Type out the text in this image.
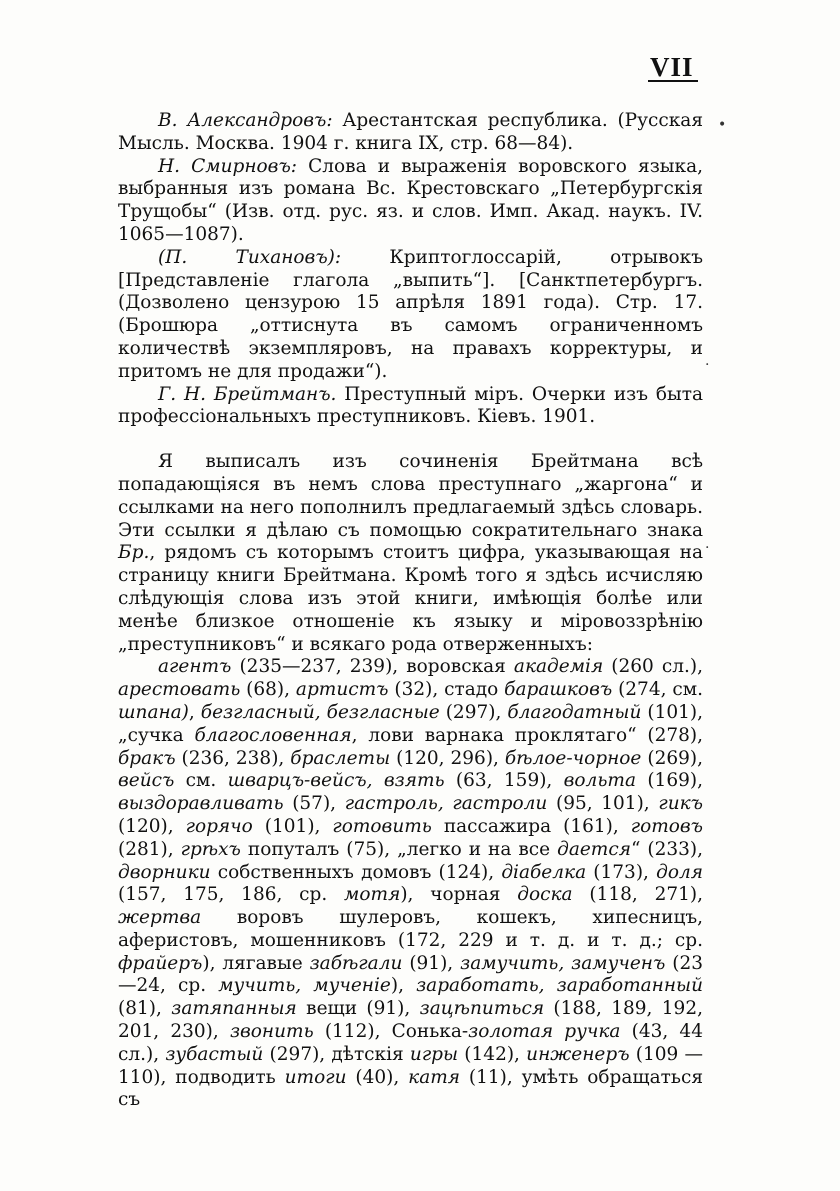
VII
•
.
.

В. Александровъ: Арестантская республика. (Русская Мысль. Москва. 1904 г. книга IX, стр. 68—84).

Н. Смирновъ: Слова и выраженія воровского языка, выбранныя изъ романа Вс. Крестовскаго „Петербургскія Трущобы“ (Изв. отд. рус. яз. и слов. Имп. Акад. наукъ. IV. 1065—1087).

(П. Тихановъ): Криптоглоссарій, отрывокъ [Представленіе глагола „выпить“]. [Санктпетербургъ. (Дозволено цензурою 15 апрѣля 1891 года). Стр. 17. (Брошюра „оттиснута въ самомъ ограниченномъ количествѣ экземпляровъ, на правахъ корректуры, и притомъ не для продажи“).

Г. Н. Брейтманъ. Преступный міръ. Очерки изъ быта профессіональныхъ преступниковъ. Кіевъ. 1901.

Я выписалъ изъ сочиненія Брейтмана всѣ попадающіяся въ немъ слова преступнаго „жаргона“ и ссылками на него пополнилъ предлагаемый здѣсь словарь. Эти ссылки я дѣлаю съ помощью сократительнаго знака Бр., рядомъ съ которымъ стоитъ цифра, указывающая на страницу книги Брейтмана. Кромѣ того я здѣсь исчисляю слѣдующія слова изъ этой книги, имѣющія болѣе или менѣе близкое отношеніе къ языку и міровоззрѣнію „преступниковъ“ и всякаго рода отверженныхъ:

агентъ (235—237, 239), воровская академія (260 сл.), арестовать (68), артистъ (32), стадо барашковъ (274, см. шпана), безгласный, безгласные (297), благодатный (101), „сучка благословенная, лови варнака проклятаго“ (278), бракъ (236, 238), браслеты (120, 296), бѣлое-чорное (269), вейсъ см. шварцъ-вейсъ, взять (63, 159), вольта (169), выздоравливать (57), гастроль, гастроли (95, 101), гикъ (120), горячо (101), готовить пассажира (161), готовъ (281), грѣхъ попуталъ (75), „легко и на все дается“ (233), дворники собственныхъ домовъ (124), діабелка (173), доля (157, 175, 186, ср. мотя), чорная доска (118, 271), жертва воровъ шулеровъ, кошекъ, хипесницъ, аферистовъ, мошенниковъ (172, 229 и т. д. и т. д.; ср. фрайеръ), лягавые забѣгали (91), замучить, замученъ (23—24, ср. мучить, мученіе), заработать, заработанный (81), затяпанныя вещи (91), зацѣпиться (188, 189, 192, 201, 230), звонить (112), Сонька-золотая ручка (43, 44 сл.), зубастый (297), дѣтскія игры (142), инженеръ (109 — 110), подводить итоги (40), катя (11), умѣть обращаться съ
